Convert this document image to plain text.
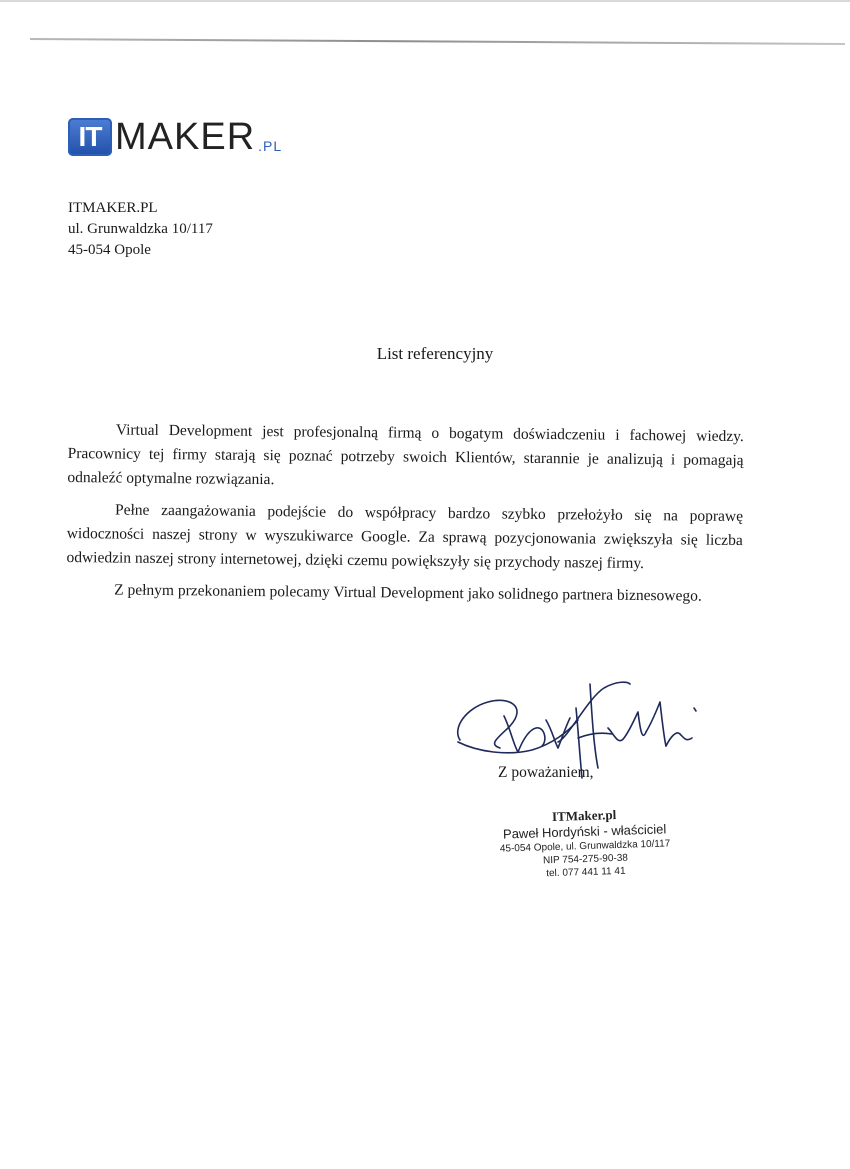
IT MAKER .PL
ITMAKER.PL
ul. Grunwaldzka 10/117
45-054 Opole
List referencyjny

Virtual Development jest profesjonalną firmą o bogatym doświadczeniu i fachowej wiedzy. Pracownicy tej firmy starają się poznać potrzeby swoich Klientów, starannie je analizują i pomagają odnaleźć optymalne rozwiązania.

Pełne zaangażowania podejście do współpracy bardzo szybko przełożyło się na poprawę widoczności naszej strony w wyszukiwarce Google. Za sprawą pozycjonowania zwiększyła się liczba odwiedzin naszej strony internetowej, dzięki czemu powiększyły się przychody naszej firmy.

Z pełnym przekonaniem polecamy Virtual Development jako solidnego partnera biznesowego.

Z poważaniem,
ITMaker.pl
Paweł Hordyński - właściciel
45-054 Opole, ul. Grunwaldzka 10/117
NIP 754-275-90-38
tel. 077 441 11 41
